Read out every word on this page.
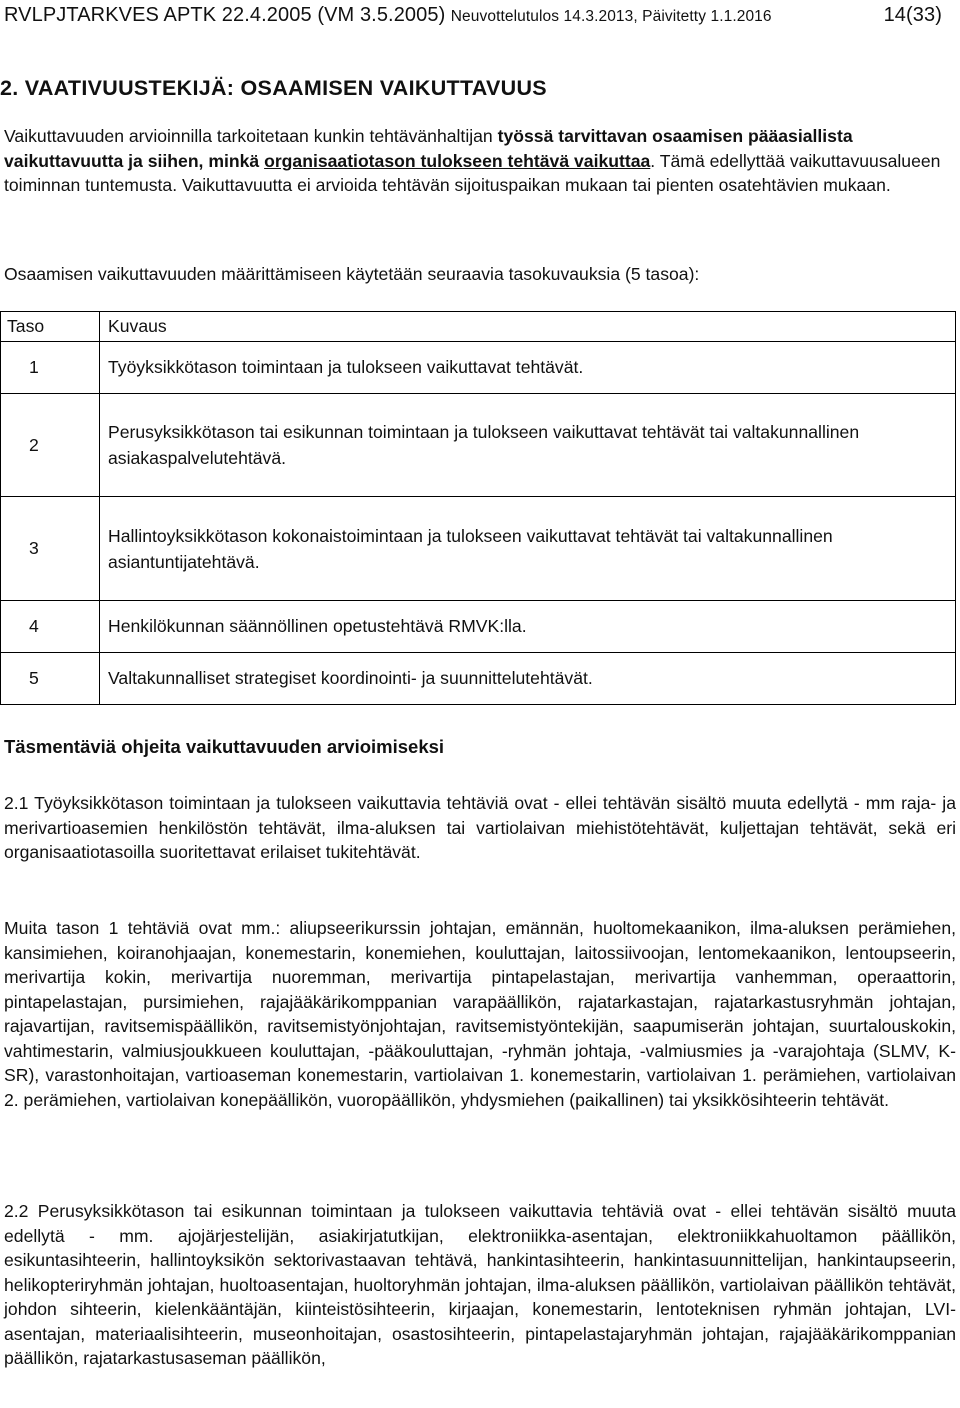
RVLPJTARKVES APTK 22.4.2005 (VM 3.5.2005) Neuvottelutulos 14.3.2013, Päivitetty 1.1.2016	14(33)
2. VAATIVUUSTEKIJÄ: OSAAMISEN VAIKUTTAVUUS
Vaikuttavuuden arvioinnilla tarkoitetaan kunkin tehtävänhaltijan työssä tarvittavan osaamisen pääasiallista vaikuttavuutta ja siihen, minkä organisaatiotason tulokseen tehtävä vaikuttaa. Tämä edellyttää vaikuttavuusalueen toiminnan tuntemusta. Vaikuttavuutta ei arvioida tehtävän sijoituspaikan mukaan tai pienten osatehtävien mukaan.
Osaamisen vaikuttavuuden määrittämiseen käytetään seuraavia tasokuvauksia (5 tasoa):
Taso	Kuvaus
1	Työyksikkötason toimintaan ja tulokseen vaikuttavat tehtävät.
2	Perusyksikkötason tai esikunnan toimintaan ja tulokseen vaikuttavat tehtävät tai valtakunnallinen asiakaspalvelutehtävä.
3	Hallintoyksikkötason kokonaistoimintaan ja tulokseen vaikuttavat tehtävät tai valtakunnallinen asiantuntijatehtävä.
4	Henkilökunnan säännöllinen opetustehtävä RMVK:lla.
5	Valtakunnalliset strategiset koordinointi- ja suunnittelutehtävät.
Täsmentäviä ohjeita vaikuttavuuden arvioimiseksi
2.1 Työyksikkötason toimintaan ja tulokseen vaikuttavia tehtäviä ovat - ellei tehtävän sisältö muuta edellytä - mm raja- ja merivartioasemien henkilöstön tehtävät, ilma-aluksen tai vartiolaivan miehistötehtävät, kuljettajan tehtävät, sekä eri organisaatiotasoilla suoritettavat erilaiset tukitehtävät.
Muita tason 1 tehtäviä ovat mm.: aliupseerikurssin johtajan, emännän, huoltomekaanikon, ilma-aluksen perämiehen, kansimiehen, koiranohjaajan, konemestarin, konemiehen, kouluttajan, laitossiivoojan, lentomekaanikon, lentoupseerin, merivartija kokin, merivartija nuoremman, merivartija pintapelastajan, merivartija vanhemman, operaattorin, pintapelastajan, pursimiehen, rajajääkärikomppanian varapäällikön, rajatarkastajan, rajatarkastusryhmän johtajan, rajavartijan, ravitsemispäällikön, ravitsemistyönjohtajan, ravitsemistyöntekijän, saapumiserän johtajan, suurtalouskokin, vahtimestarin, valmiusjoukkueen kouluttajan, -pääkouluttajan, -ryhmän johtaja, -valmiusmies ja -varajohtaja (SLMV, K-SR), varastonhoitajan, vartioaseman konemestarin, vartiolaivan 1. konemestarin, vartiolaivan 1. perämiehen, vartiolaivan 2. perämiehen, vartiolaivan konepäällikön, vuoropäällikön, yhdysmiehen (paikallinen) tai yksikkösihteerin tehtävät.
2.2 Perusyksikkötason tai esikunnan toimintaan ja tulokseen vaikuttavia tehtäviä ovat - ellei tehtävän sisältö muuta edellytä - mm. ajojärjestelijän, asiakirjatutkijan, elektroniikka-asentajan, elektroniikkahuoltamon päällikön, esikuntasihteerin, hallintoyksikön sektorivastaavan tehtävä, hankintasihteerin, hankintasuunnittelijan, hankintaupseerin, helikopteriryhmän johtajan, huoltoasentajan, huoltoryhmän johtajan, ilma-aluksen päällikön, vartiolaivan päällikön tehtävät, johdon sihteerin, kielenkääntäjän, kiinteistösihteerin, kirjaajan, konemestarin, lentoteknisen ryhmän johtajan, LVI-asentajan, materiaalisihteerin, museonhoitajan, osastosihteerin, pintapelastajaryhmän johtajan, rajajääkärikomppanian päällikön, rajatarkastusaseman päällikön,
